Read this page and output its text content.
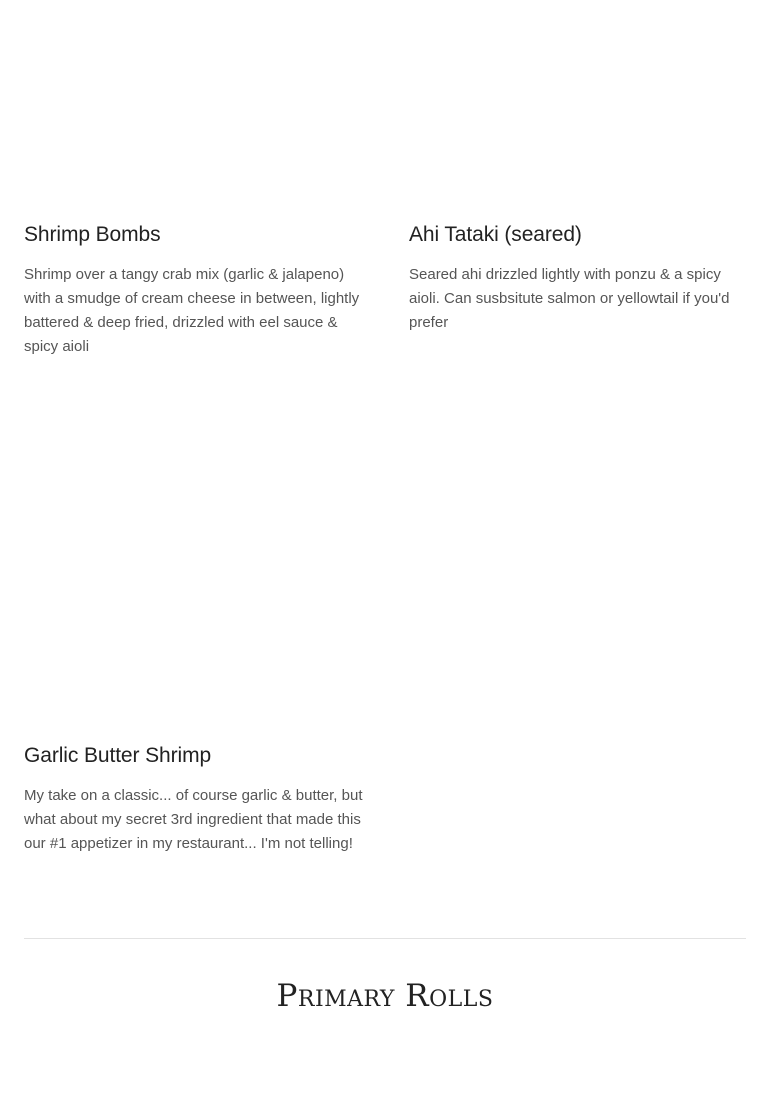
Shrimp Bombs

Shrimp over a tangy crab mix (garlic & jalapeno) with a smudge of cream cheese in between, lightly battered & deep fried, drizzled with eel sauce & spicy aioli

Ahi Tataki (seared)

Seared ahi drizzled lightly with ponzu & a spicy aioli. Can susbsitute salmon or yellowtail if you'd prefer

Garlic Butter Shrimp

My take on a classic... of course garlic & butter, but what about my secret 3rd ingredient that made this our #1 appetizer in my restaurant... I'm not telling!

Primary Rolls
